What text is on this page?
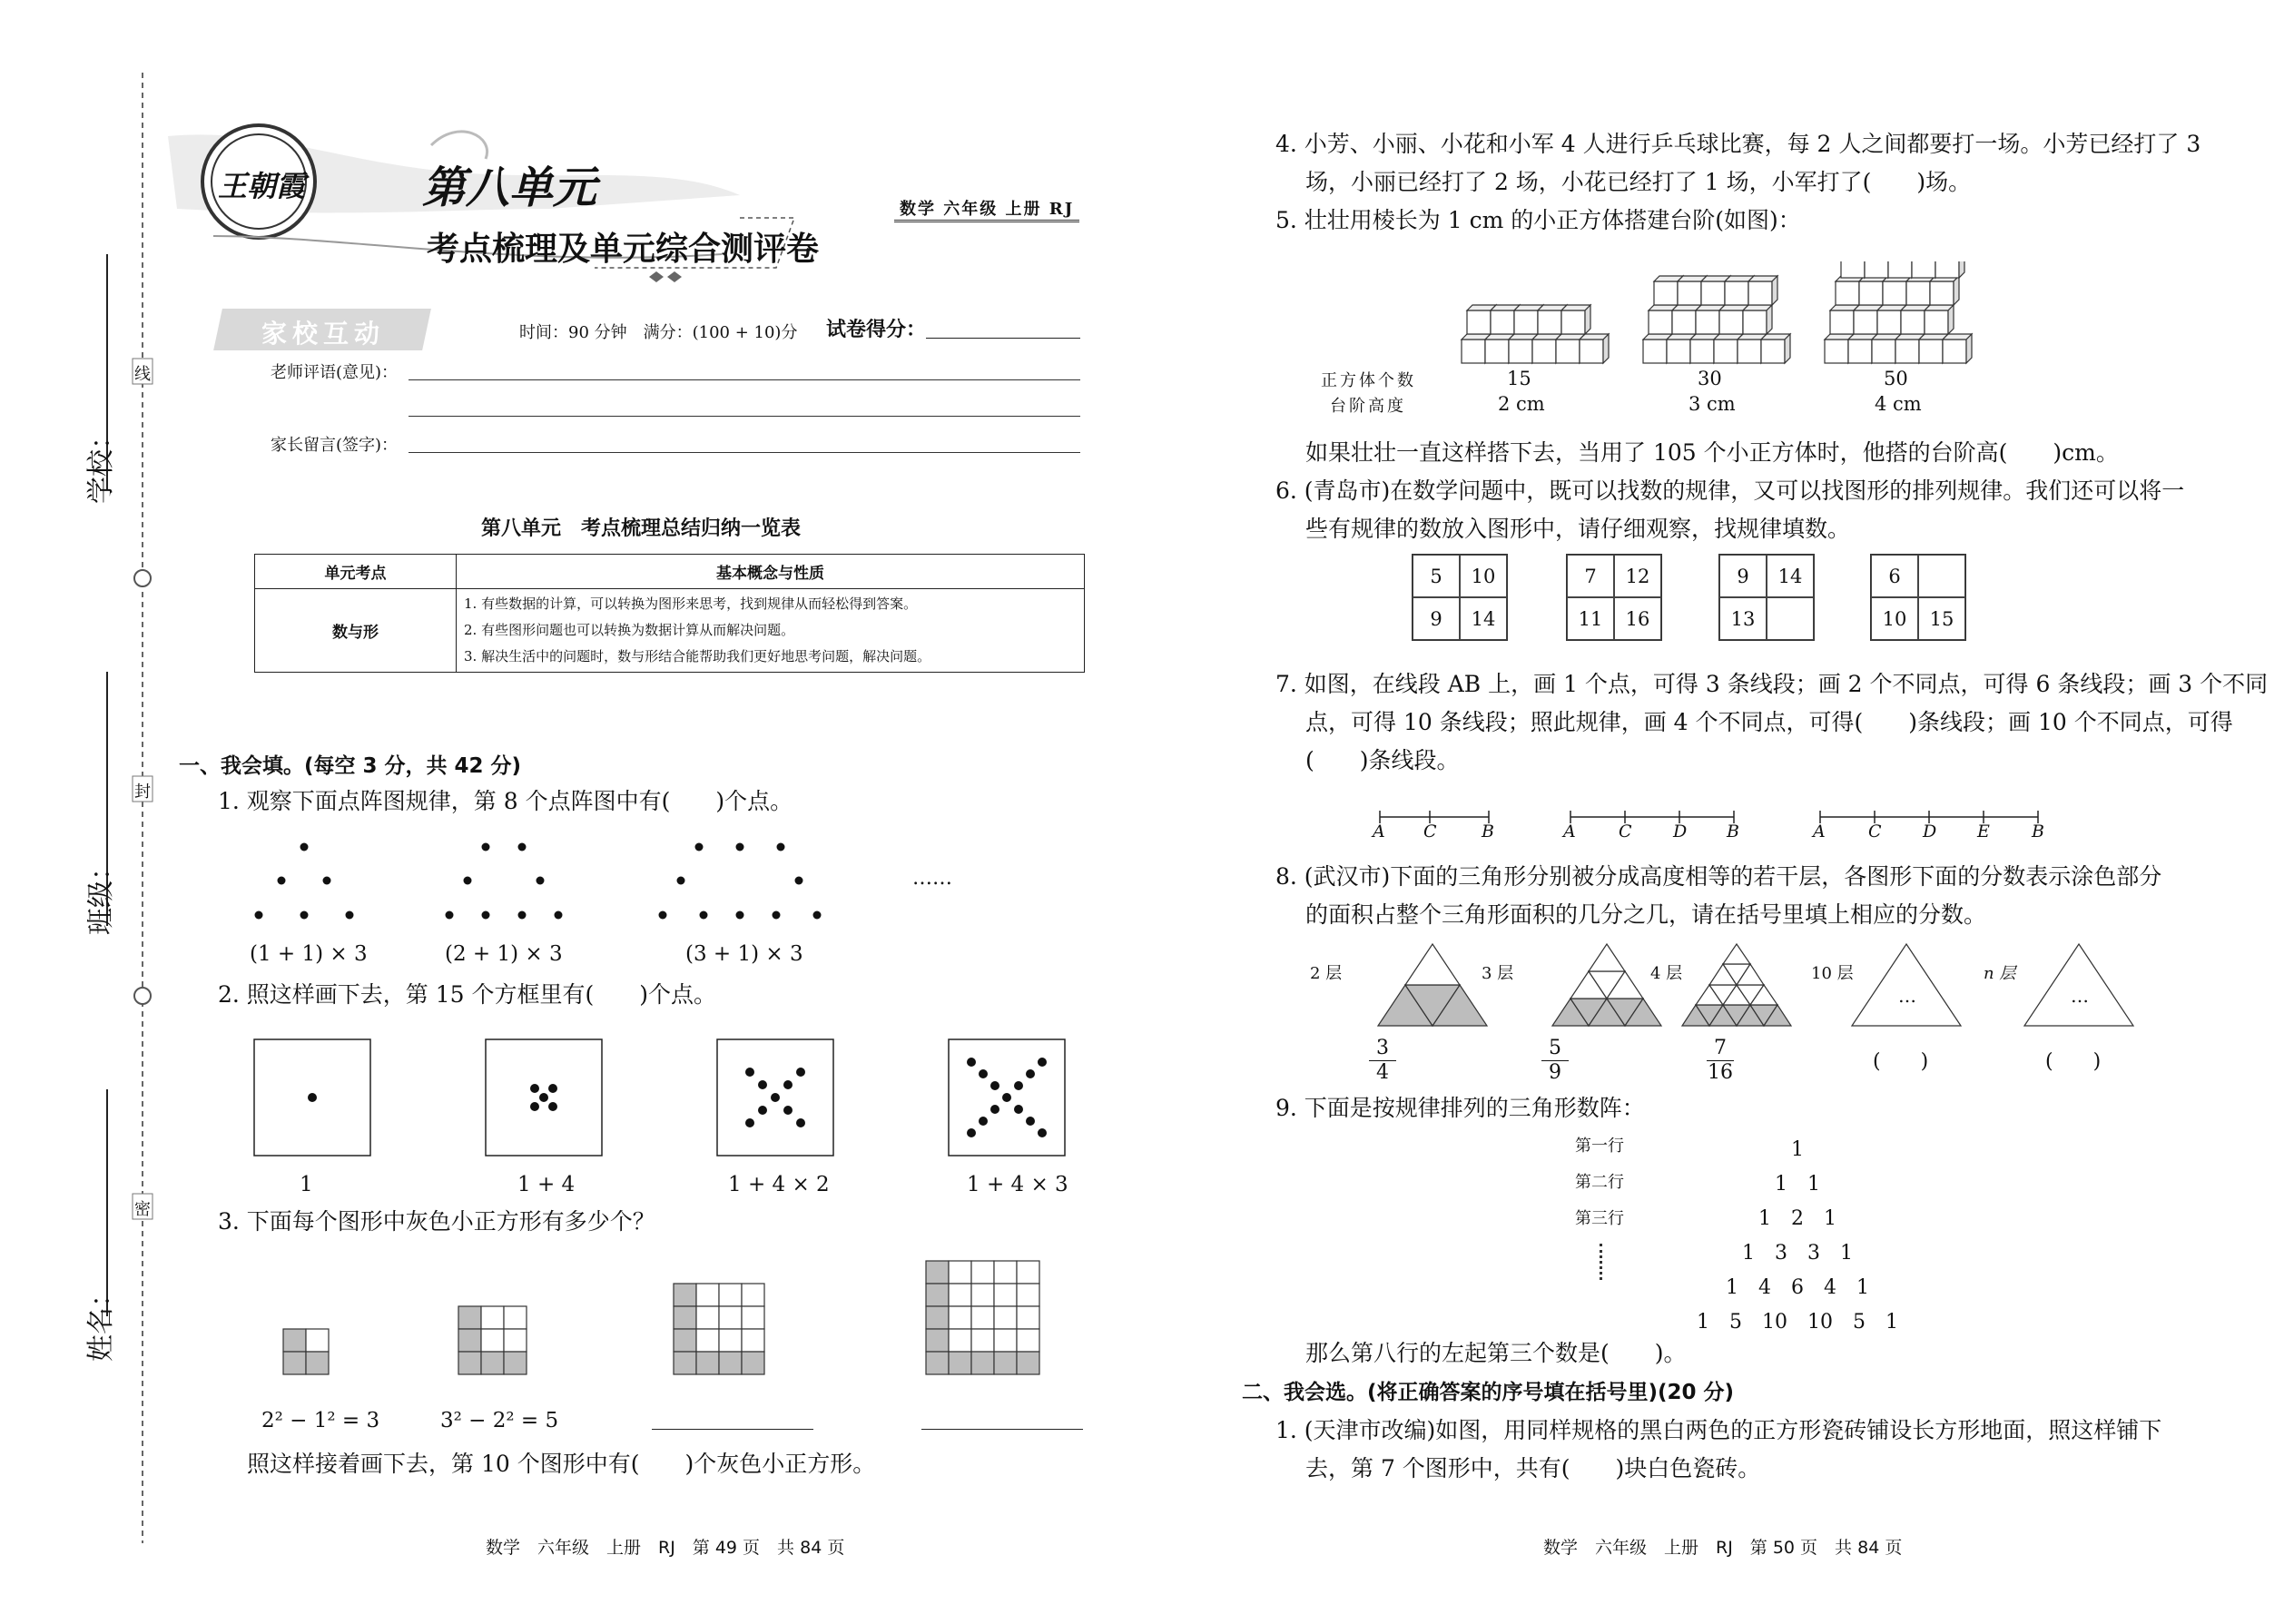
学校：
班级：
姓名：
线
封
密
王朝霞	第八单元
考点梳理及单元综合测评卷
数学 六年级 上册 RJ
家校互动	时间：90 分钟　满分：(100 + 10)分 试卷得分：
老师评语(意见)：
家长留言(签字)：
第八单元　考点梳理总结归纳一览表
单元考点	基本概念与性质
数与形	1. 有些数据的计算，可以转换为图形来思考，找到规律从而轻松得到答案。
2. 有些图形问题也可以转换为数据计算从而解决问题。
3. 解决生活中的问题时，数与形结合能帮助我们更好地思考问题，解决问题。
一、我会填。(每空 3 分，共 42 分)
1. 观察下面点阵图规律，第 8 个点阵图中有(　　)个点。
……
(1 + 1) × 3	(2 + 1) × 3	(3 + 1) × 3
2. 照这样画下去，第 15 个方框里有(　　)个点。
1	1 + 4	1 + 4 × 2	1 + 4 × 3
3. 下面每个图形中灰色小正方形有多少个？
2² − 1² = 3	3² − 2² = 5
照这样接着画下去，第 10 个图形中有(　　)个灰色小正方形。
数学　六年级　上册　RJ　第 49 页　共 84 页
4. 小芳、小丽、小花和小军 4 人进行乒乓球比赛，每 2 人之间都要打一场。小芳已经打了 3
场，小丽已经打了 2 场，小花已经打了 1 场，小军打了(　　)场。
5. 壮壮用棱长为 1 cm 的小正方体搭建台阶(如图)：
正方体个数
台阶高度
15	30	50
2 cm	3 cm	4 cm
如果壮壮一直这样搭下去，当用了 105 个小正方体时，他搭的台阶高(　　)cm。
6. (青岛市)在数学问题中，既可以找数的规律，又可以找图形的排列规律。我们还可以将一
些有规律的数放入图形中，请仔细观察，找规律填数。
5	10
9	14
7	12
11	16
9	14
13
6
10	15
7. 如图，在线段 AB 上，画 1 个点，可得 3 条线段；画 2 个不同点，可得 6 条线段；画 3 个不同
点，可得 10 条线段；照此规律，画 4 个不同点，可得(　　)条线段；画 10 个不同点，可得
(　　)条线段。
A C	B	A C D B	A C D E B
8. (武汉市)下面的三角形分别被分成高度相等的若干层，各图形下面的分数表示涂色部分
的面积占整个三角形面积的几分之几，请在括号里填上相应的分数。
2 层	3 层	4 层	10 层	n 层
…	…
3
4
5
9
7
16	(　　)	(　　)
9. 下面是按规律排列的三角形数阵：
第一行
第二行
第三行
1
1　1
1　2　1
1　3　3　1
1　4　6　4　1
1　5　10　10　5　1
那么第八行的左起第三个数是(　　)。
二、我会选。(将正确答案的序号填在括号里)(20 分)
1. (天津市改编)如图，用同样规格的黑白两色的正方形瓷砖铺设长方形地面，照这样铺下
去，第 7 个图形中，共有(　　)块白色瓷砖。
数学　六年级　上册　RJ　第 50 页　共 84 页
